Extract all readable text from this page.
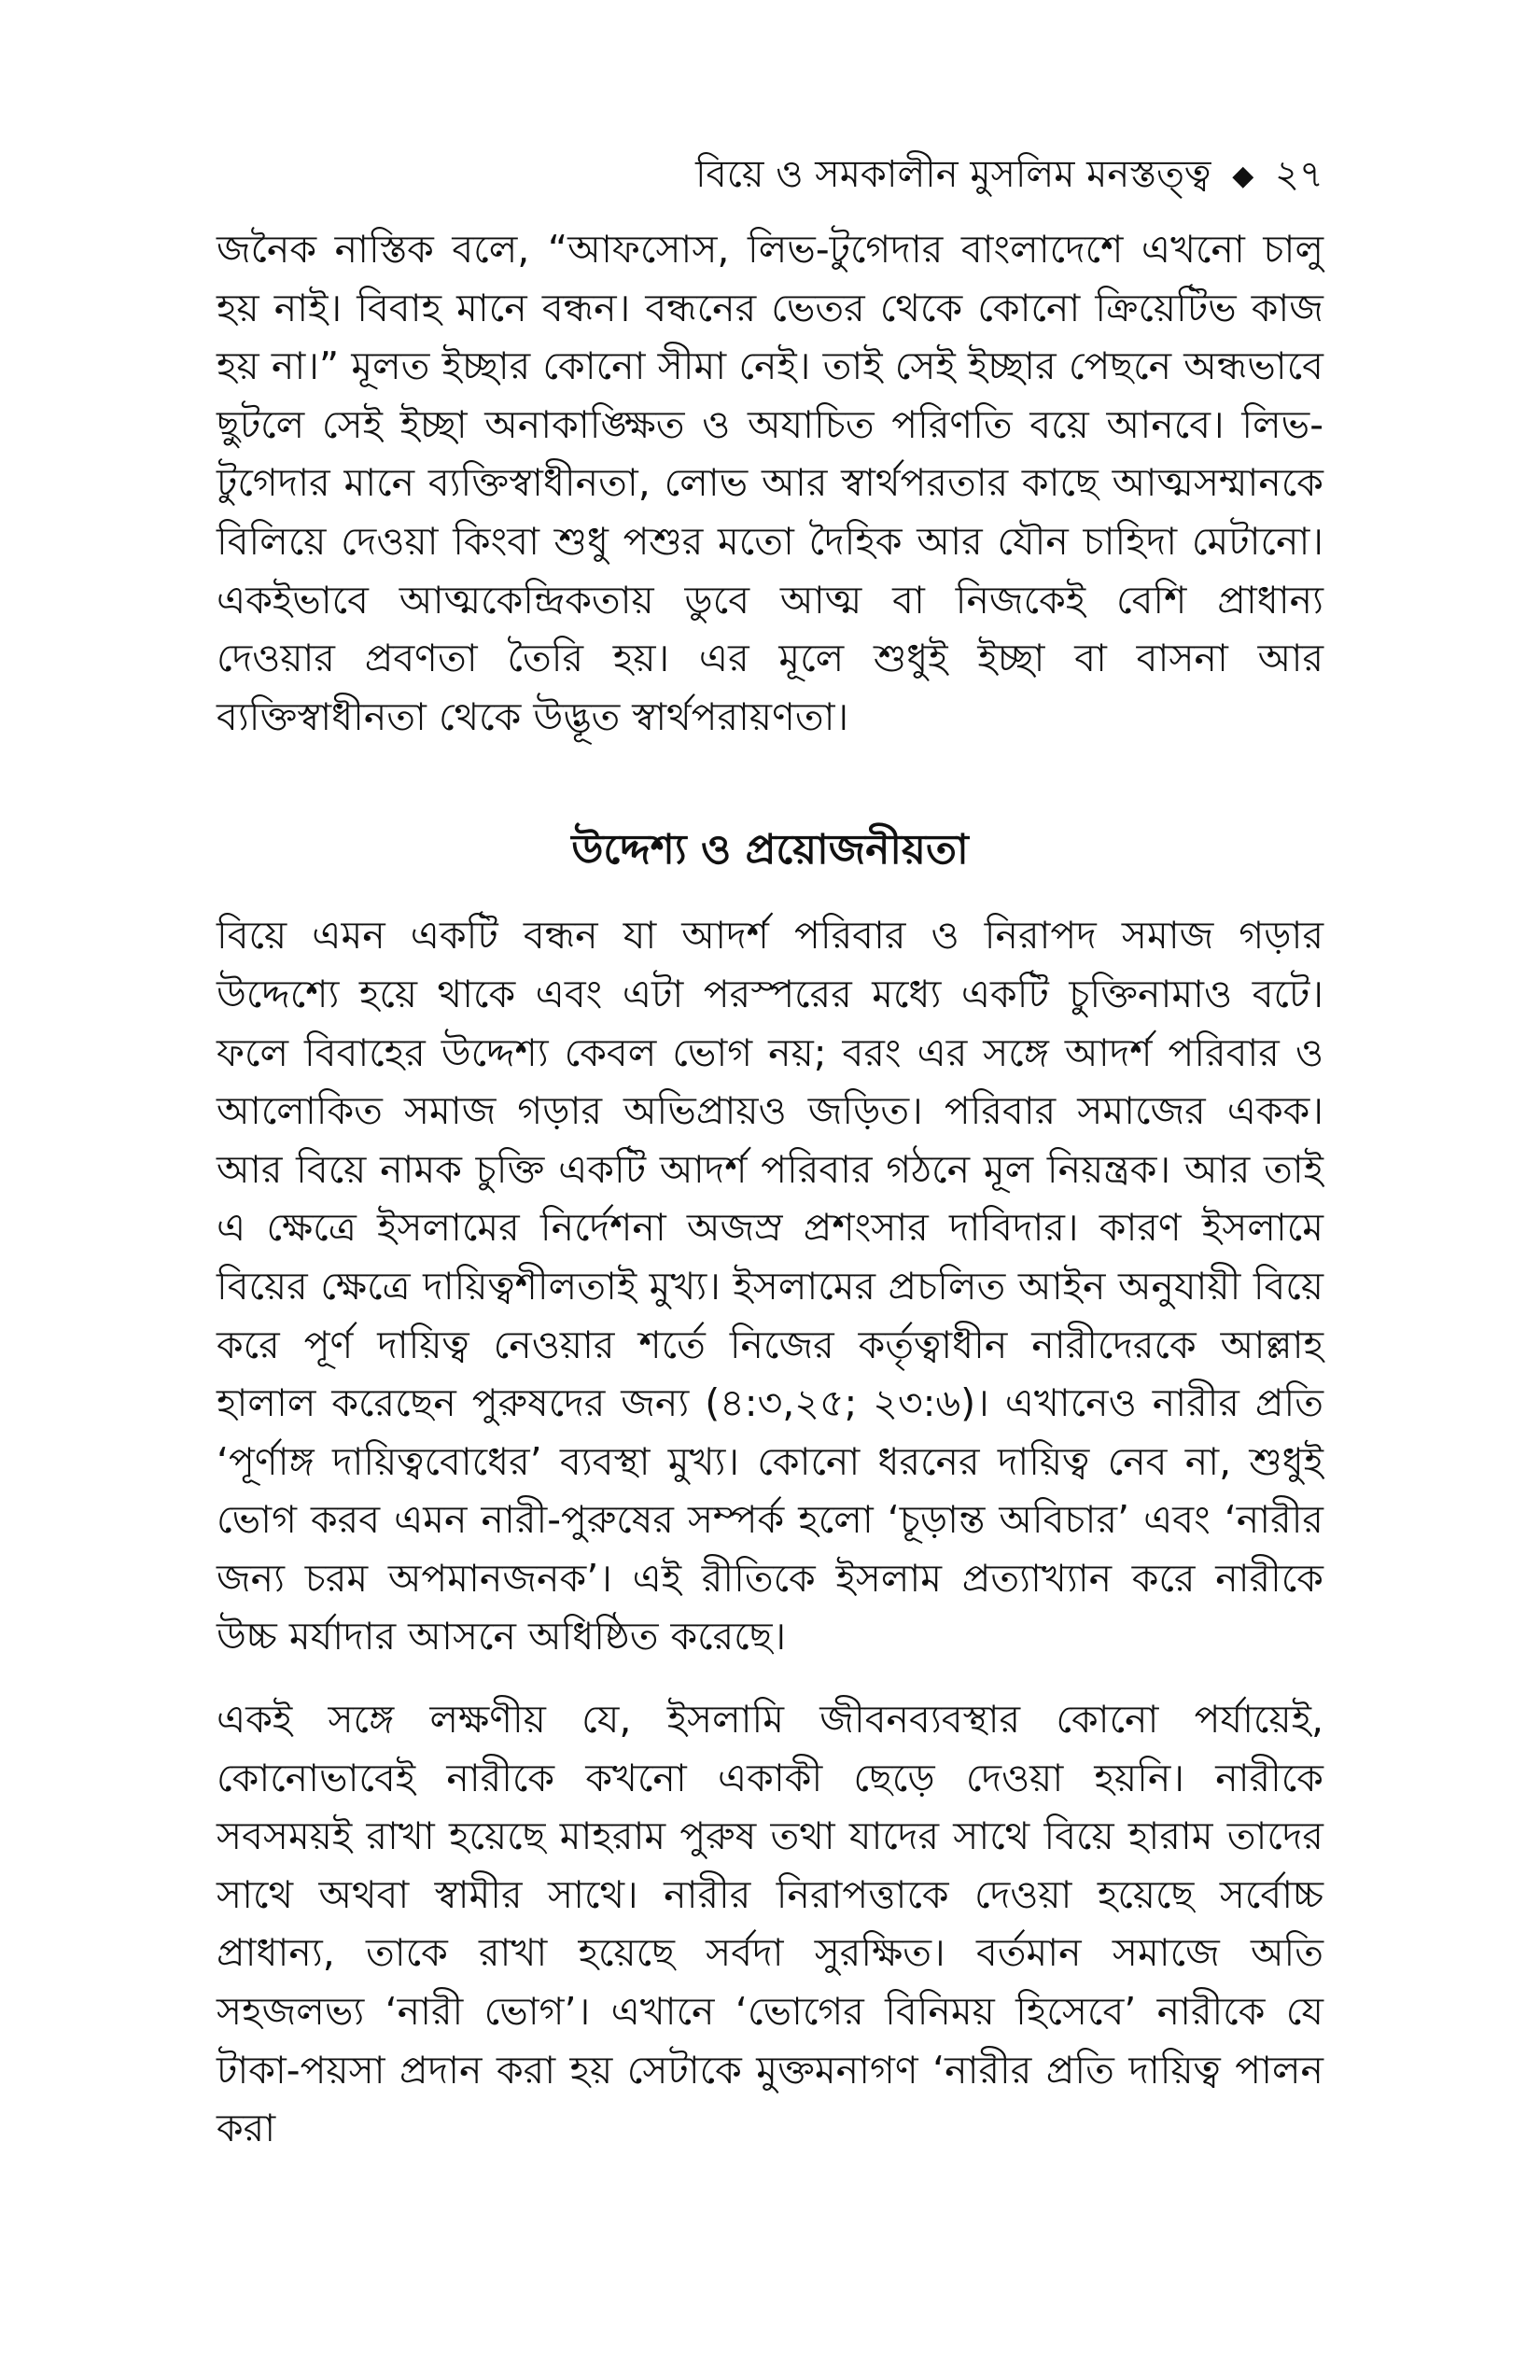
বিয়ে ও সমকালীন মুসলিম মনস্তত্ত্ব ◆ ২৭

জনৈক নাস্তিক বলে, “আফসোস, লিভ-টুগেদার বাংলাদেশে এখনো চালু হয় নাই। বিবাহ মানে বন্ধন। বন্ধনের ভেতর থেকে কোনো ক্রিয়েটিভ কাজ হয় না।” মূলত ইচ্ছার কোনো সীমা নেই। তাই সেই ইচ্ছার পেছনে অন্ধভাবে ছুটলে সেই ইচ্ছা অনাকাঙ্ক্ষিত ও অযাচিত পরিণতি বয়ে আনবে। লিভ-টুগেদার মানে ব্যক্তিস্বাধীনতা, লোভ আর স্বার্থপরতার কাছে আত্মসম্মানকে বিলিয়ে দেওয়া কিংবা শুধু পশুর মতো দৈহিক আর যৌন চাহিদা মেটানো। একইভাবে আত্মকেন্দ্রিকতায় ডুবে আত্ম বা নিজকেই বেশি প্রাধান্য দেওয়ার প্রবণতা তৈরি হয়। এর মূলে শুধুই ইচ্ছা বা বাসনা আর ব্যক্তিস্বাধীনতা থেকে উদ্ভূত স্বার্থপরায়ণতা।

উদ্দেশ্য ও প্রয়োজনীয়তা

বিয়ে এমন একটি বন্ধন যা আদর্শ পরিবার ও নিরাপদ সমাজ গড়ার উদ্দেশ্যে হয়ে থাকে এবং এটা পরস্পরের মধ্যে একটি চুক্তিনামাও বটে। ফলে বিবাহের উদ্দেশ্য কেবল ভোগ নয়; বরং এর সঙ্গে আদর্শ পরিবার ও আলোকিত সমাজ গড়ার অভিপ্রায়ও জড়িত। পরিবার সমাজের একক। আর বিয়ে নামক চুক্তি একটি আদর্শ পরিবার গঠনে মূল নিয়ন্ত্রক। আর তাই এ ক্ষেত্রে ইসলামের নির্দেশনা অজস্র প্রশংসার দাবিদার। কারণ ইসলামে বিয়ের ক্ষেত্রে দায়িত্বশীলতাই মুখ্য। ইসলামের প্রচলিত আইন অনুযায়ী বিয়ে করে পূর্ণ দায়িত্ব নেওয়ার শর্তে নিজের কর্তৃত্বাধীন নারীদেরকে আল্লাহ হালাল করেছেন পুরুষদের জন্য (৪:৩,২৫; ২৩:৬)। এখানেও নারীর প্রতি ‘পূর্ণাঙ্গ দায়িত্ববোধের’ ব্যবস্থা মুখ্য। কোনো ধরনের দায়িত্ব নেব না, শুধুই ভোগ করব এমন নারী-পুরুষের সম্পর্ক হলো ‘চূড়ান্ত অবিচার’ এবং ‘নারীর জন্য চরম অপমানজনক’। এই রীতিকে ইসলাম প্রত্যাখ্যান করে নারীকে উচ্চ মর্যাদার আসনে অধিষ্ঠিত করেছে।

একই সঙ্গে লক্ষণীয় যে, ইসলামি জীবনব্যবস্থার কোনো পর্যায়েই, কোনোভাবেই নারীকে কখনো একাকী ছেড়ে দেওয়া হয়নি। নারীকে সবসময়ই রাখা হয়েছে মাহরাম পুরুষ তথা যাদের সাথে বিয়ে হারাম তাদের সাথে অথবা স্বামীর সাথে। নারীর নিরাপত্তাকে দেওয়া হয়েছে সর্বোচ্চ প্রাধান্য, তাকে রাখা হয়েছে সর্বদা সুরক্ষিত। বর্তমান সমাজে অতি সহজলভ্য ‘নারী ভোগ’। এখানে ‘ভোগের বিনিময় হিসেবে’ নারীকে যে টাকা-পয়সা প্রদান করা হয় সেটাকে মুক্তমনাগণ ‘নারীর প্রতি দায়িত্ব পালন করা
